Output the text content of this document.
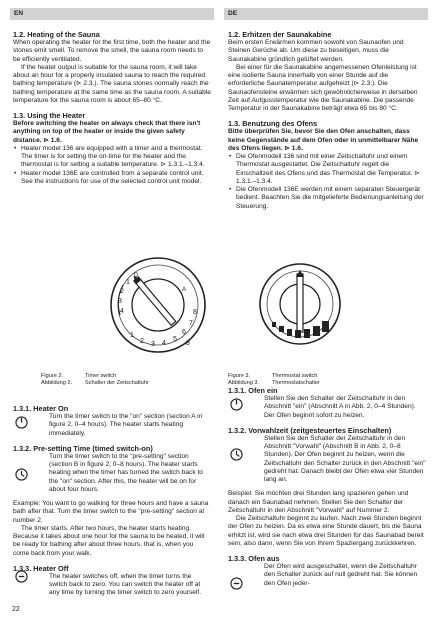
EN	DE

1.2. Heating of the Sauna

When operating the heater for the first time, both the heater and the stones emit smell. To remove the smell, the sauna room needs to be efficiently ventilated.

If the heater output is suitable for the sauna room, it will take about an hour for a properly insulated sauna to reach the required bathing temperature (⊳ 2.3.). The sauna stones normally reach the bathing temperature at the same time as the sauna room. A suitable temperature for the sauna room is about 65–80 °C.

1.3. Using the Heater

Before switching the heater on always check that there isn't anything on top of the heater or inside the given safety distance. ⊳ 1.6.

• Heater model 136 are equipped with a timer and a thermostat. The timer is for setting the on-time for the heater and the thermostat is for setting a suitable temperature. ⊳ 1.3.1.–1.3.4.
• Heater model 136E are controlled from a separate control unit. See the instructions for use of the selected control unit model.

1.2. Erhitzen der Saunakabine

Beim ersten Erwärmen kommen sowohl von Saunaofen und Steinen Gerüche ab. Um diese zu beseitigen, muss die Saunakabine gründlich gelüftet werden.

Bei einer für die Saunakabine angemessenen Ofenleistung ist eine isolierte Sauna innerhalb von einer Stunde auf die erforderliche Saunatemperatur aufgeheizt (⊳ 2.3.). Die Saunaofensteine erwärmen sich gewöhnlicherweise in derselben Zeit auf Aufgusstemperatur wie die Saunakabine. Die passende Temperatur in der Saunakabine beträgt etwa 65 bis 80 °C.

1.3. Benutzung des Ofens

Bitte überprüfen Sie, bevor Sie den Ofen anschalten, dass keine Gegenstände auf dem Ofen oder in unmittelbarer Nähe des Ofens liegen. ⊳ 1.6.

• Die Ofenmodell 136 sind mit einer Zeitschaltuhr und einem Thermostat ausgestattet. Die Zeitschaltuhr regelt die Einschaltzeit des Ofens und das Thermostat die Temperatur. ⊳ 1.3.1.–1.3.4.
• Die Ofenmodell 136E werden mit einem separaten Steuergerät bedient. Beachten Sie die mitgelieferte Bedienungsanleitung der Steuerung.
4
3
2
1
0
1
2 3 4
5
6
7
8
A
B
Figure 2.	Timer switch
Abbildung 2. Schalter der Zeitschaltuhr
Figure 3.	Thermostat switch
Abbildung 3. Thermostatschalter

1.3.1. Heater On

Turn the timer switch to the "on" section (section A in figure 2, 0–4 hours). The heater starts heating immediately.

1.3.2. Pre-setting Time (timed switch-on)

Turn the timer switch to the "pre-setting" section (section B in figure 2, 0–8 hours). The heater starts heating when the timer has turned the switch back to the "on" section. After this, the heater will be on for about four hours.

Example: You want to go walking for three hours and have a sauna bath after that. Turn the timer switch to the "pre-setting" section at number 2.

The timer starts. After two hours, the heater starts heating. Because it takes about one hour for the sauna to be heated, it will be ready for bathing after about three hours, that is, when you come back from your walk.

1.3.3. Heater Off

The heater switches off, when the timer turns the switch back to zero. You can switch the heater off at any time by turning the timer switch to zero yourself.

1.3.1. Ofen ein

Stellen Sie den Schalter der Zeitschaltuhr in den Abschnitt "ein" (Abschnitt A in Abb. 2, 0–4 Stunden). Der Ofen beginnt sofort zu heizen.

1.3.2. Vorwahlzeit (zeitgesteuertes Einschalten)

Stellen Sie den Schalter der Zeitschaltuhr in den Abschnitt "Vorwahl" (Abschnitt B in Abb. 2, 0–8 Stunden). Der Ofen beginnt zu heizen, wenn die Zeitschaltuhr den Schalter zurück in den Abschnitt "ein" gedreht hat. Danach bleibt der Ofen etwa vier Stunden lang an.

Beispiel: Sie möchten drei Stunden lang spazieren gehen und danach ein Saunabad nehmen. Stellen Sie den Schalter der Zeitschaltuhr in den Abschnitt "Vorwahl" auf Nummer 2.

Die Zeitschaltuhr beginnt zu laufen. Nach zwei Stunden beginnt der Ofen zu heizen. Da es etwa eine Stunde dauert, bis die Sauna erhitzt ist, wird sie nach etwa drei Stunden für das Saunabad bereit sein, also dann, wenn Sie von Ihrem Spaziergang zurückkehren.

1.3.3. Ofen aus

Der Ofen wird ausgeschaltet, wenn die Zeitschaltuhr den Schalter zurück auf null gedreht hat. Sie können den Ofen jeder-

22
